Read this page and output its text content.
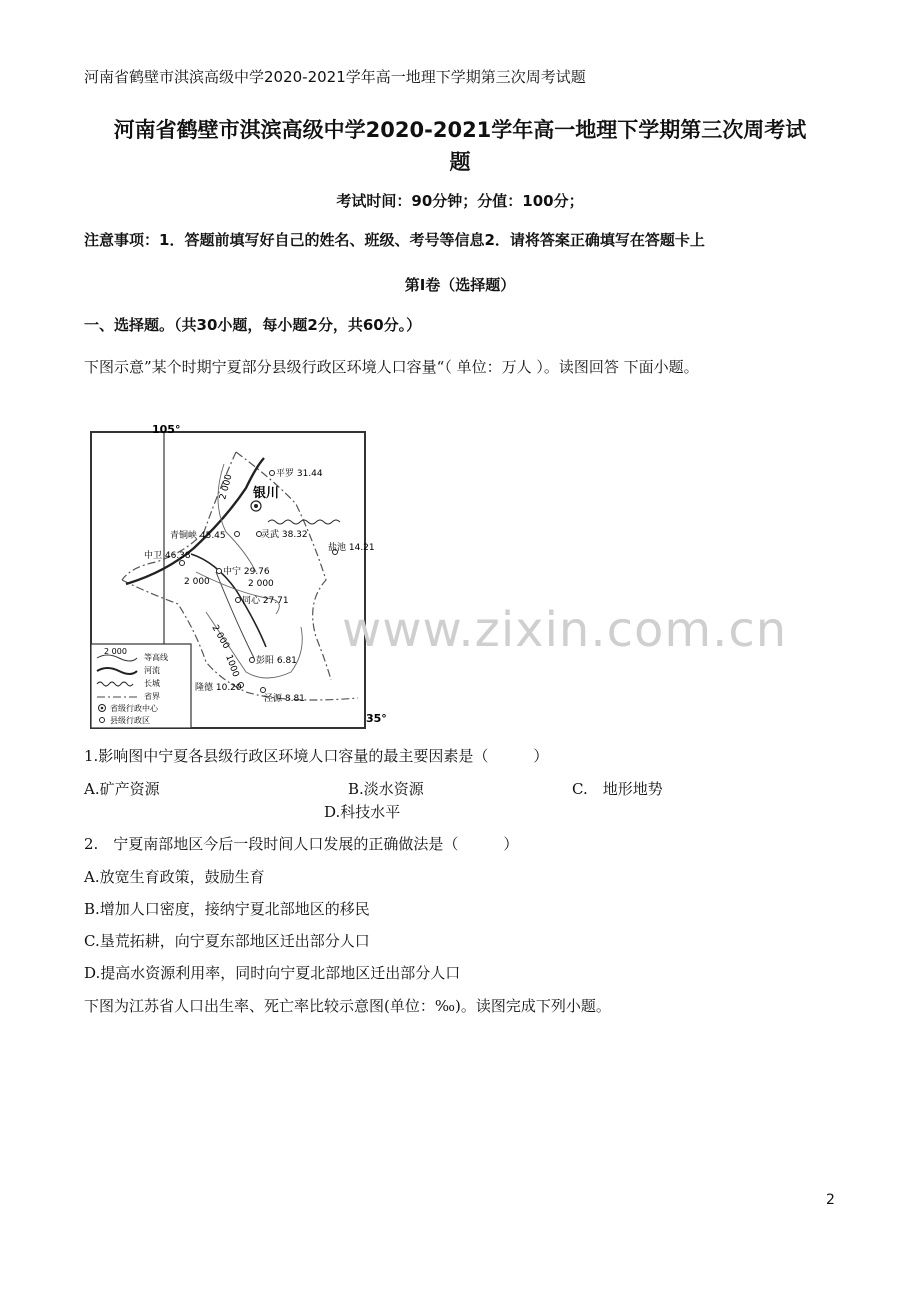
河南省鹤壁市淇滨高级中学2020-2021学年高一地理下学期第三次周考试题
河南省鹤壁市淇滨高级中学2020-2021学年高一地理下学期第三次周考试
题
考试时间：90分钟；分值：100分；
注意事项：1．答题前填写好自己的姓名、班级、考号等信息2．请将答案正确填写在答题卡上
第Ⅰ卷（选择题）
一、选择题。（共30小题，每小题2分，共60分。）
下图示意”某个时期宁夏部分县级行政区环境人口容量“（ 单位：万人 ）。读图回答 下面小题。
105°
35°
2 000
2 000	2 000
2 000
1000
银川
平罗 31.44
青铜峡 45.45	灵武 38.32
盐池 14.21
中卫 46.38
中宁 29.76
同心 27.71
彭阳 6.81
隆德 10.20
泾源 8.81
2 000
等高线
河流
长城
省界
省级行政中心
县级行政区
www.zixin.com.cn
1.影响图中宁夏各县级行政区环境人口容量的最主要因素是（　　　）
A.矿产资源	B.淡水资源	C.　地形地势
D.科技水平
2.　宁夏南部地区今后一段时间人口发展的正确做法是（　　　）
A.放宽生育政策，鼓励生育
B.增加人口密度，接纳宁夏北部地区的移民
C.垦荒拓耕，向宁夏东部地区迁出部分人口
D.提高水资源利用率，同时向宁夏北部地区迁出部分人口
下图为江苏省人口出生率、死亡率比较示意图(单位：‰)。读图完成下列小题。
2
